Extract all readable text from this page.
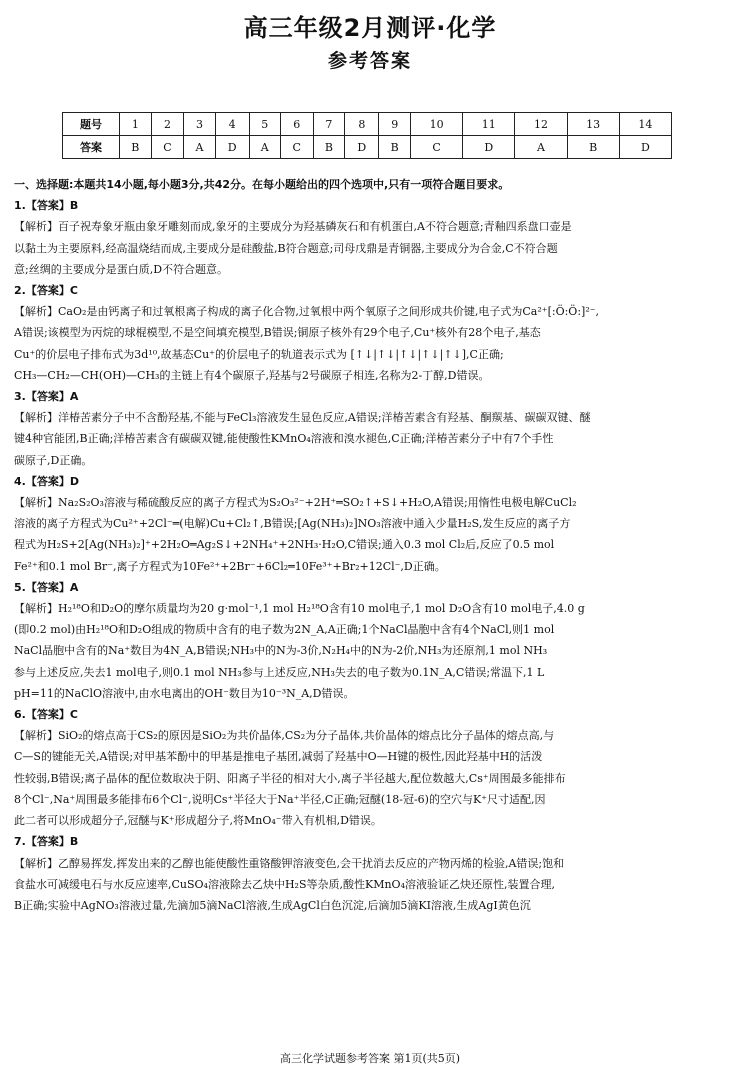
高三年级2月测评·化学
参考答案
题号	1	2	3	4	5	6	7	8	9	10	11	12	13	14
答案	B	C	A	D	A	C	B	D	B	C	D	A	B	D
一、选择题:本题共14小题,每小题3分,共42分。在每小题给出的四个选项中,只有一项符合题目要求。
1.【答案】B
【解析】百子祝寿象牙瓶由象牙雕刻而成,象牙的主要成分为羟基磷灰石和有机蛋白,A不符合题意;青釉四系盘口壶是
以黏土为主要原料,经高温烧结而成,主要成分是硅酸盐,B符合题意;司母戊鼎是青铜器,主要成分为合金,C不符合题
意;丝绸的主要成分是蛋白质,D不符合题意。
2.【答案】C
【解析】CaO₂是由钙离子和过氧根离子构成的离子化合物,过氧根中两个氧原子之间形成共价键,电子式为Ca²⁺[:Ö:Ö:]²⁻,
A错误;该模型为丙烷的球棍模型,不是空间填充模型,B错误;铜原子核外有29个电子,Cu⁺核外有28个电子,基态
Cu⁺的价层电子排布式为3d¹⁰,故基态Cu⁺的价层电子的轨道表示式为 [↑↓|↑↓|↑↓|↑↓|↑↓],C正确;
CH₃—CH₂—CH(OH)—CH₃的主链上有4个碳原子,羟基与2号碳原子相连,名称为2-丁醇,D错误。
3.【答案】A
【解析】洋椿苦素分子中不含酚羟基,不能与FeCl₃溶液发生显色反应,A错误;洋椿苦素含有羟基、酮羰基、碳碳双键、醚
键4种官能团,B正确;洋椿苦素含有碳碳双键,能使酸性KMnO₄溶液和溴水褪色,C正确;洋椿苦素分子中有7个手性
碳原子,D正确。
4.【答案】D
【解析】Na₂S₂O₃溶液与稀硫酸反应的离子方程式为S₂O₃²⁻+2H⁺═SO₂↑+S↓+H₂O,A错误;用惰性电极电解CuCl₂
溶液的离子方程式为Cu²⁺+2Cl⁻═(电解)Cu+Cl₂↑,B错误;[Ag(NH₃)₂]NO₃溶液中通入少量H₂S,发生反应的离子方
程式为H₂S+2[Ag(NH₃)₂]⁺+2H₂O═Ag₂S↓+2NH₄⁺+2NH₃·H₂O,C错误;通入0.3 mol Cl₂后,反应了0.5 mol
Fe²⁺和0.1 mol Br⁻,离子方程式为10Fe²⁺+2Br⁻+6Cl₂═10Fe³⁺+Br₂+12Cl⁻,D正确。
5.【答案】A
【解析】H₂¹⁸O和D₂O的摩尔质量均为20 g·mol⁻¹,1 mol H₂¹⁸O含有10 mol电子,1 mol D₂O含有10 mol电子,4.0 g
(即0.2 mol)由H₂¹⁸O和D₂O组成的物质中含有的电子数为2N_A,A正确;1个NaCl晶胞中含有4个NaCl,则1 mol
NaCl晶胞中含有的Na⁺数目为4N_A,B错误;NH₃中的N为-3价,N₂H₄中的N为-2价,NH₃为还原剂,1 mol NH₃
参与上述反应,失去1 mol电子,则0.1 mol NH₃参与上述反应,NH₃失去的电子数为0.1N_A,C错误;常温下,1 L
pH=11的NaClO溶液中,由水电离出的OH⁻数目为10⁻³N_A,D错误。
6.【答案】C
【解析】SiO₂的熔点高于CS₂的原因是SiO₂为共价晶体,CS₂为分子晶体,共价晶体的熔点比分子晶体的熔点高,与
C—S的键能无关,A错误;对甲基苯酚中的甲基是推电子基团,减弱了羟基中O—H键的极性,因此羟基中H的活泼
性较弱,B错误;离子晶体的配位数取决于阴、阳离子半径的相对大小,离子半径越大,配位数越大,Cs⁺周围最多能排布
8个Cl⁻,Na⁺周围最多能排布6个Cl⁻,说明Cs⁺半径大于Na⁺半径,C正确;冠醚(18-冠-6)的空穴与K⁺尺寸适配,因
此二者可以形成超分子,冠醚与K⁺形成超分子,将MnO₄⁻带入有机相,D错误。
7.【答案】B
【解析】乙醇易挥发,挥发出来的乙醇也能使酸性重铬酸钾溶液变色,会干扰消去反应的产物丙烯的检验,A错误;饱和
食盐水可减缓电石与水反应速率,CuSO₄溶液除去乙炔中H₂S等杂质,酸性KMnO₄溶液验证乙炔还原性,装置合理,
B正确;实验中AgNO₃溶液过量,先滴加5滴NaCl溶液,生成AgCl白色沉淀,后滴加5滴KI溶液,生成AgI黄色沉
高三化学试题参考答案 第1页(共5页)
